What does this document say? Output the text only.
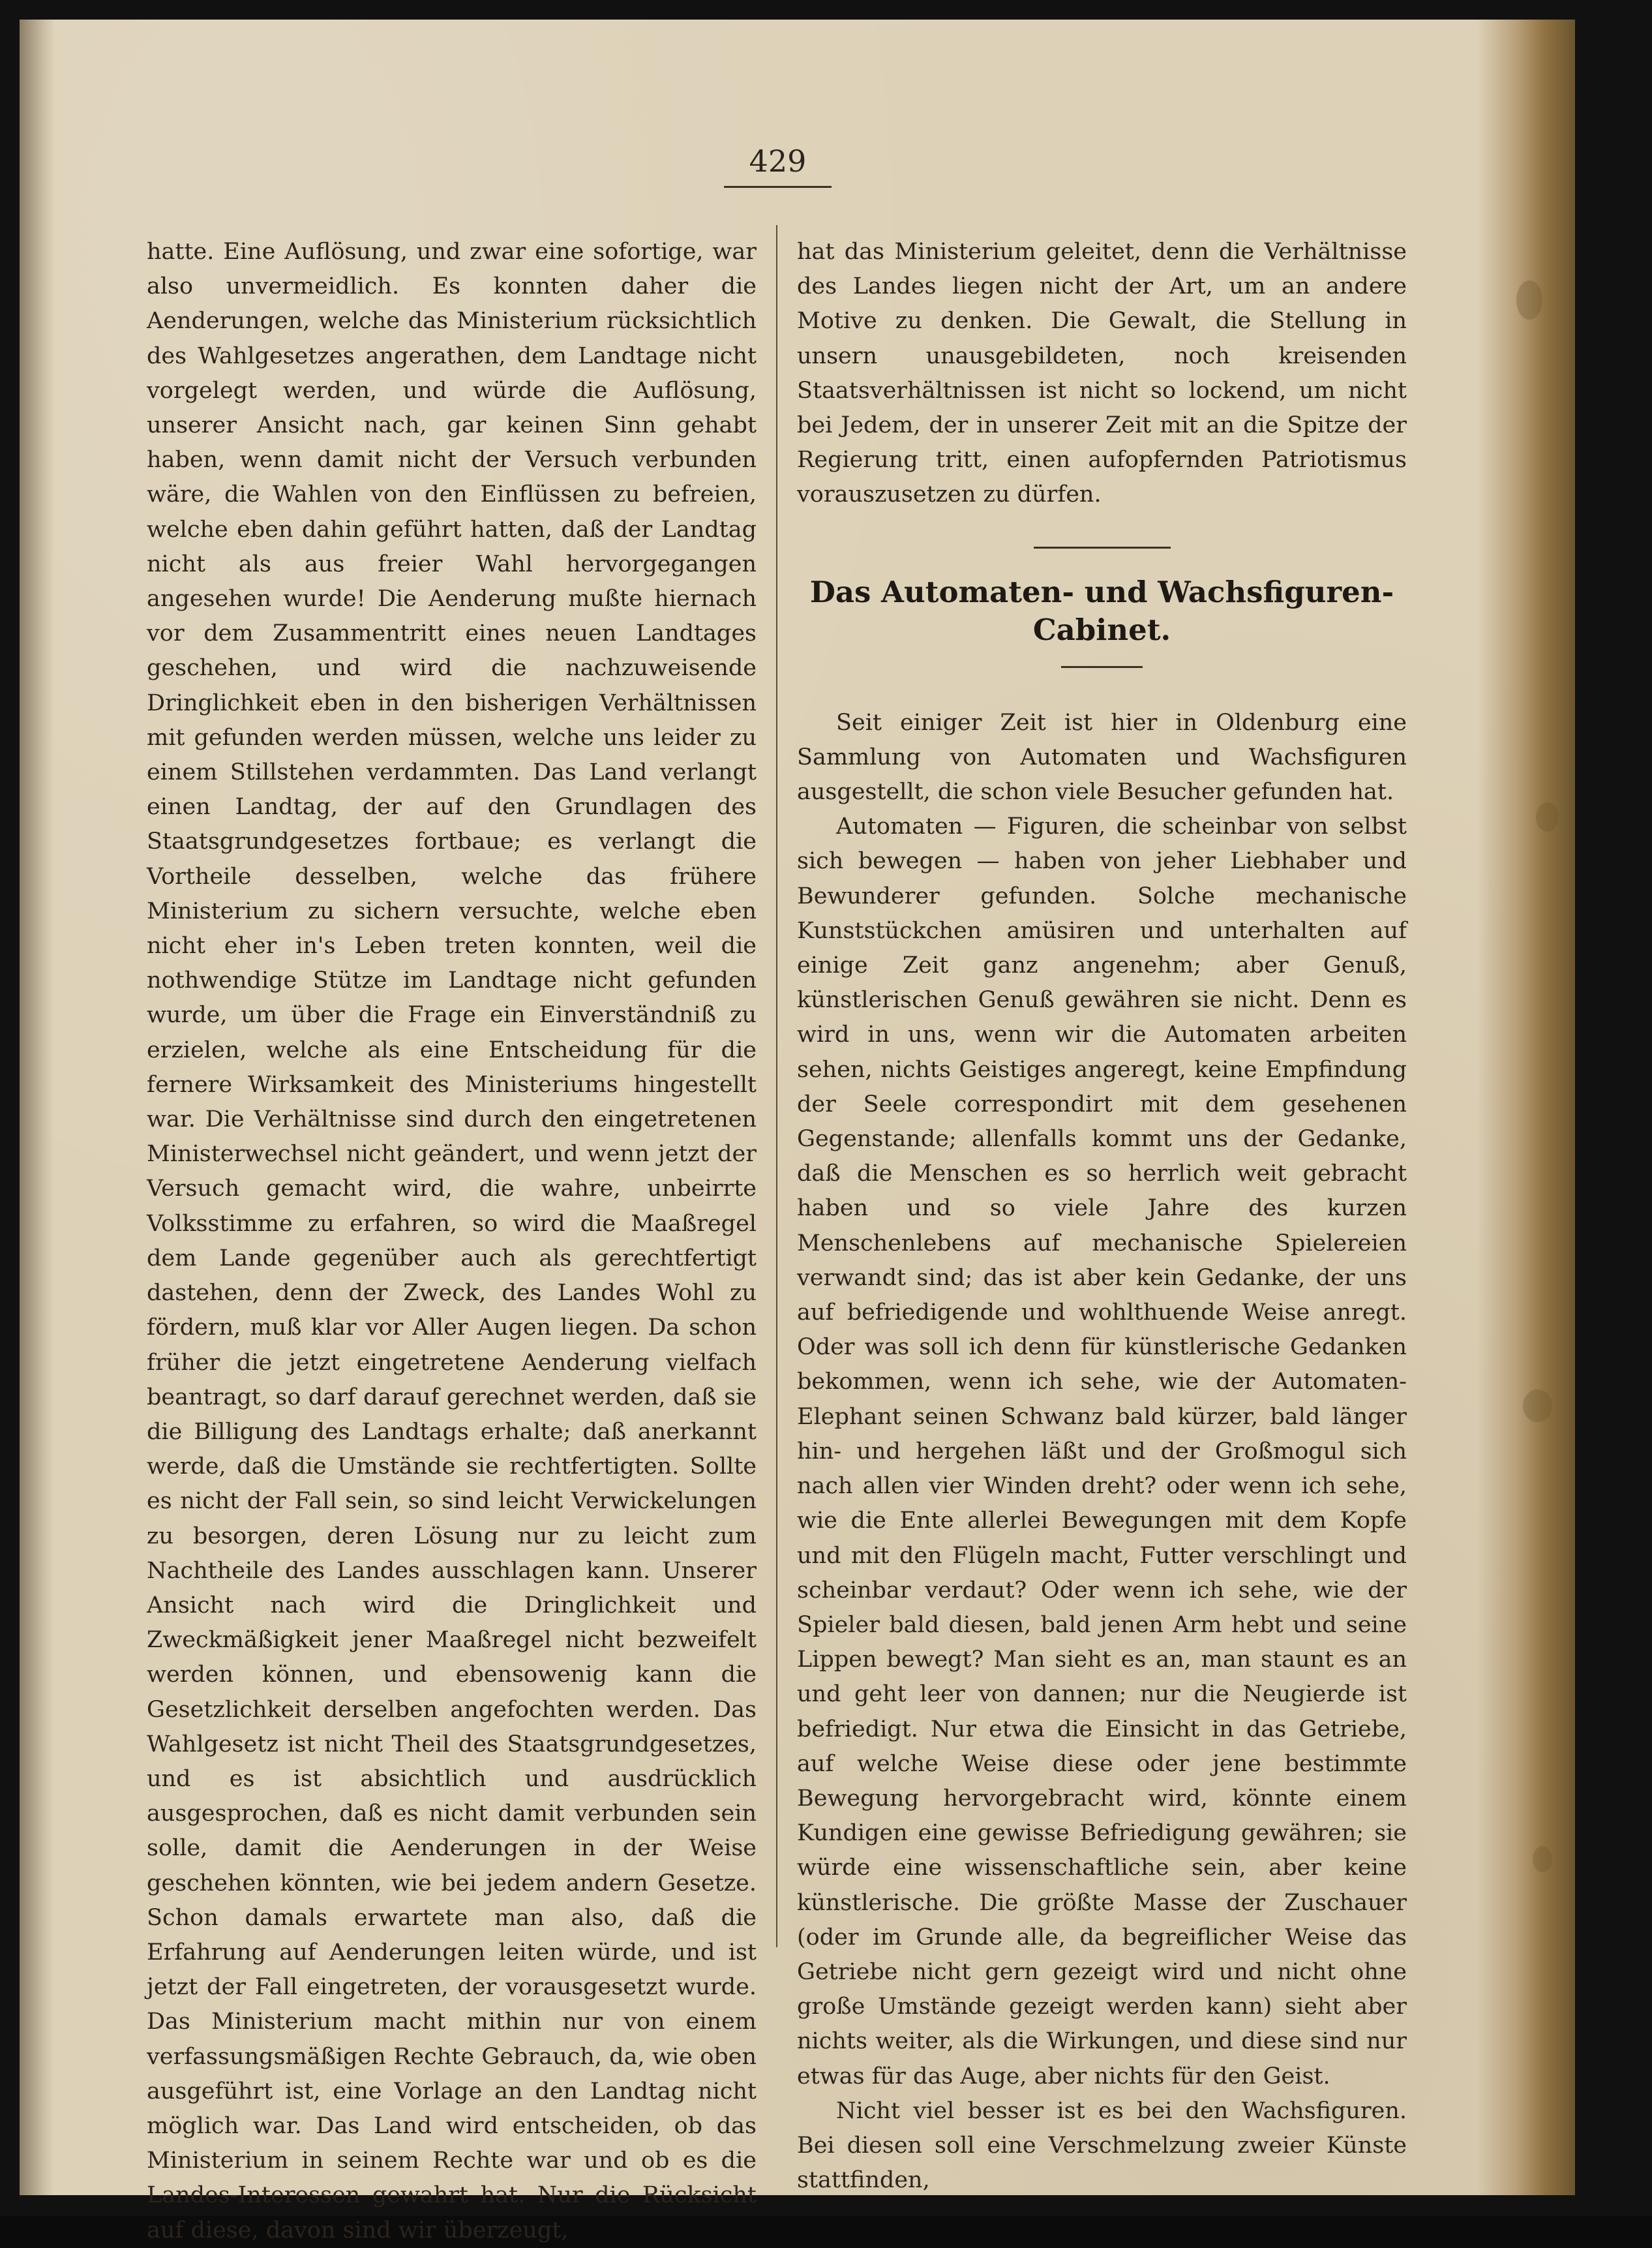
429

hatte. Eine Auflösung, und zwar eine sofortige, war also unvermeidlich. Es konnten daher die Aenderungen, welche das Ministerium rücksichtlich des Wahlgesetzes angerathen, dem Landtage nicht vorgelegt werden, und würde die Auflösung, unserer Ansicht nach, gar keinen Sinn gehabt haben, wenn damit nicht der Versuch verbunden wäre, die Wahlen von den Einflüssen zu befreien, welche eben dahin geführt hatten, daß der Landtag nicht als aus freier Wahl hervorgegangen angesehen wurde! Die Aenderung mußte hiernach vor dem Zusammentritt eines neuen Landtages geschehen, und wird die nachzuweisende Dringlichkeit eben in den bisherigen Verhältnissen mit gefunden werden müssen, welche uns leider zu einem Stillstehen verdammten. Das Land verlangt einen Landtag, der auf den Grundlagen des Staatsgrundgesetzes fortbaue; es verlangt die Vortheile desselben, welche das frühere Ministerium zu sichern versuchte, welche eben nicht eher in's Leben treten konnten, weil die nothwendige Stütze im Landtage nicht gefunden wurde, um über die Frage ein Einverständniß zu erzielen, welche als eine Entscheidung für die fernere Wirksamkeit des Ministeriums hingestellt war. Die Verhältnisse sind durch den eingetretenen Ministerwechsel nicht geändert, und wenn jetzt der Versuch gemacht wird, die wahre, unbeirrte Volksstimme zu erfahren, so wird die Maaßregel dem Lande gegenüber auch als gerechtfertigt dastehen, denn der Zweck, des Landes Wohl zu fördern, muß klar vor Aller Augen liegen. Da schon früher die jetzt eingetretene Aenderung vielfach beantragt, so darf darauf gerechnet werden, daß sie die Billigung des Landtags erhalte; daß anerkannt werde, daß die Umstände sie rechtfertigten. Sollte es nicht der Fall sein, so sind leicht Verwickelungen zu besorgen, deren Lösung nur zu leicht zum Nachtheile des Landes ausschlagen kann. Unserer Ansicht nach wird die Dringlichkeit und Zweckmäßigkeit jener Maaßregel nicht bezweifelt werden können, und ebensowenig kann die Gesetzlichkeit derselben angefochten werden. Das Wahlgesetz ist nicht Theil des Staatsgrundgesetzes, und es ist absichtlich und ausdrücklich ausgesprochen, daß es nicht damit verbunden sein solle, damit die Aenderungen in der Weise geschehen könnten, wie bei jedem andern Gesetze. Schon damals erwartete man also, daß die Erfahrung auf Aenderungen leiten würde, und ist jetzt der Fall eingetreten, der vorausgesetzt wurde. Das Ministerium macht mithin nur von einem verfassungsmäßigen Rechte Gebrauch, da, wie oben ausgeführt ist, eine Vorlage an den Landtag nicht möglich war. Das Land wird entscheiden, ob das Ministerium in seinem Rechte war und ob es die Landes-Interessen gewahrt hat. Nur die Rücksicht auf diese, davon sind wir überzeugt,

hat das Ministerium geleitet, denn die Verhältnisse des Landes liegen nicht der Art, um an andere Motive zu denken. Die Gewalt, die Stellung in unsern unausgebildeten, noch kreisenden Staatsverhältnissen ist nicht so lockend, um nicht bei Jedem, der in unserer Zeit mit an die Spitze der Regierung tritt, einen aufopfernden Patriotismus vorauszusetzen zu dürfen.

Das Automaten- und Wachsfiguren-Cabinet.

Seit einiger Zeit ist hier in Oldenburg eine Sammlung von Automaten und Wachsfiguren ausgestellt, die schon viele Besucher gefunden hat.

Automaten — Figuren, die scheinbar von selbst sich bewegen — haben von jeher Liebhaber und Bewunderer gefunden. Solche mechanische Kunststückchen amüsiren und unterhalten auf einige Zeit ganz angenehm; aber Genuß, künstlerischen Genuß gewähren sie nicht. Denn es wird in uns, wenn wir die Automaten arbeiten sehen, nichts Geistiges angeregt, keine Empfindung der Seele correspondirt mit dem gesehenen Gegenstande; allenfalls kommt uns der Gedanke, daß die Menschen es so herrlich weit gebracht haben und so viele Jahre des kurzen Menschenlebens auf mechanische Spielereien verwandt sind; das ist aber kein Gedanke, der uns auf befriedigende und wohlthuende Weise anregt. Oder was soll ich denn für künstlerische Gedanken bekommen, wenn ich sehe, wie der Automaten-Elephant seinen Schwanz bald kürzer, bald länger hin- und hergehen läßt und der Großmogul sich nach allen vier Winden dreht? oder wenn ich sehe, wie die Ente allerlei Bewegungen mit dem Kopfe und mit den Flügeln macht, Futter verschlingt und scheinbar verdaut? Oder wenn ich sehe, wie der Spieler bald diesen, bald jenen Arm hebt und seine Lippen bewegt? Man sieht es an, man staunt es an und geht leer von dannen; nur die Neugierde ist befriedigt. Nur etwa die Einsicht in das Getriebe, auf welche Weise diese oder jene bestimmte Bewegung hervorgebracht wird, könnte einem Kundigen eine gewisse Befriedigung gewähren; sie würde eine wissenschaftliche sein, aber keine künstlerische. Die größte Masse der Zuschauer (oder im Grunde alle, da begreiflicher Weise das Getriebe nicht gern gezeigt wird und nicht ohne große Umstände gezeigt werden kann) sieht aber nichts weiter, als die Wirkungen, und diese sind nur etwas für das Auge, aber nichts für den Geist.

Nicht viel besser ist es bei den Wachsfiguren. Bei diesen soll eine Verschmelzung zweier Künste stattfinden,
